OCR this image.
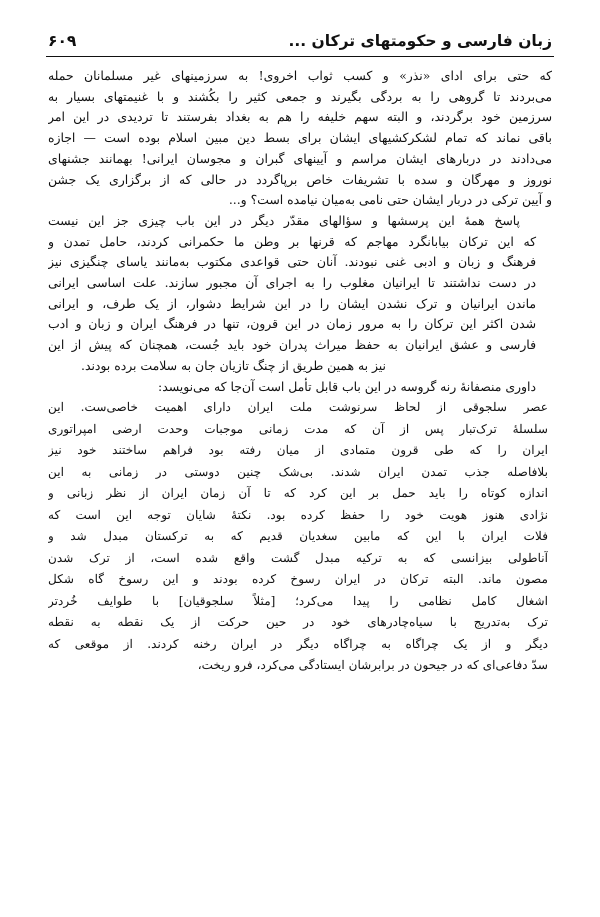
زبان فارسی و حکومتهای ترکان ...
۶۰۹

که حتی برای ادای «نذر» و کسب ثواب اخروی! به سرزمینهای غیر مسلمانان حمله
می‌بردند تا گروهی را به بردگی بگیرند و جمعی کثیر را بکُشند و با غنیمتهای بسیار به
سرزمین خود برگردند، و البته سهم خلیفه را هم به بغداد بفرستند تا تردیدی در این امر
باقی نماند که تمام لشکرکشیهای ایشان برای بسط دین مبین اسلام بوده است — اجازه
می‌دادند در دربارهای ایشان مراسم و آیینهای گبران و مجوسان ایرانی! بهمانند جشنهای
نوروز و مهرگان و سده با تشریفات خاص برپاگردد در حالی که از برگزاری یک جشن
و آیین ترکی در دربار ایشان حتی نامی به‌میان نیامده است؟ و...

پاسخ همهٔ این پرسشها و سؤالهای مقدّر دیگر در این باب چیزی جز این نیست
که این ترکان بیابانگرد مهاجم که قرنها بر وطن ما حکمرانی کردند، حامل تمدن و
فرهنگ و زبان و ادبی غنی نبودند. آنان حتی قواعدی مکتوب به‌مانند یاسای چنگیزی نیز
در دست نداشتند تا ایرانیان مغلوب را به اجرای آن مجبور سازند. علت اساسی ایرانی
ماندن ایرانیان و ترک نشدن ایشان را در این شرایط دشوار، از یک طرف، و ایرانی
شدن اکثر این ترکان را به مرور زمان در این قرون، تنها در فرهنگ ایران و زبان و ادب
فارسی و عشق ایرانیان به حفظ میراث پدران خود باید جُست، همچنان که پیش از این
نیز به همین طریق از چنگ تازیان جان به سلامت برده بودند.

داوری منصفانهٔ رنه گروسه در این باب قابل تأمل است آن‌جا که می‌نویسد:

عصر سلجوقی از لحاظ سرنوشت ملت ایران دارای اهمیت خاصی‌ست. این
سلسلهٔ ترک‌تبار پس از آن که مدت زمانی موجبات وحدت ارضی امپراتوری
ایران را که طی قرون متمادی از میان رفته بود فراهم ساختند خود نیز
بلافاصله جذب تمدن ایران شدند. بی‌شک چنین دوستی در زمانی به این
اندازه کوتاه را باید حمل بر این کرد که تا آن زمان ایران از نظر زبانی و
نژادی هنوز هویت خود را حفظ کرده بود. نکتهٔ شایان توجه این است که
فلات ایران با این که مابین سغدیان قدیم که به ترکستان مبدل شد و
آناطولی بیزانسی که به ترکیه مبدل گشت واقع شده است، از ترک شدن
مصون ماند. البته ترکان در ایران رسوخ کرده بودند و این رسوخ گاه شکل
اشغال کامل نظامی را پیدا می‌کرد؛ [مثلاً سلجوقیان] با طوایف خُردتر
ترک به‌تدریج با سیاه‌چادرهای خود در حین حرکت از یک نقطه به نقطه
دیگر و از یک چراگاه به چراگاه دیگر در ایران رخنه کردند. از موقعی که
سدّ دفاعی‌ای که در جیحون در برابرشان ایستادگی می‌کرد، فرو ریخت،
